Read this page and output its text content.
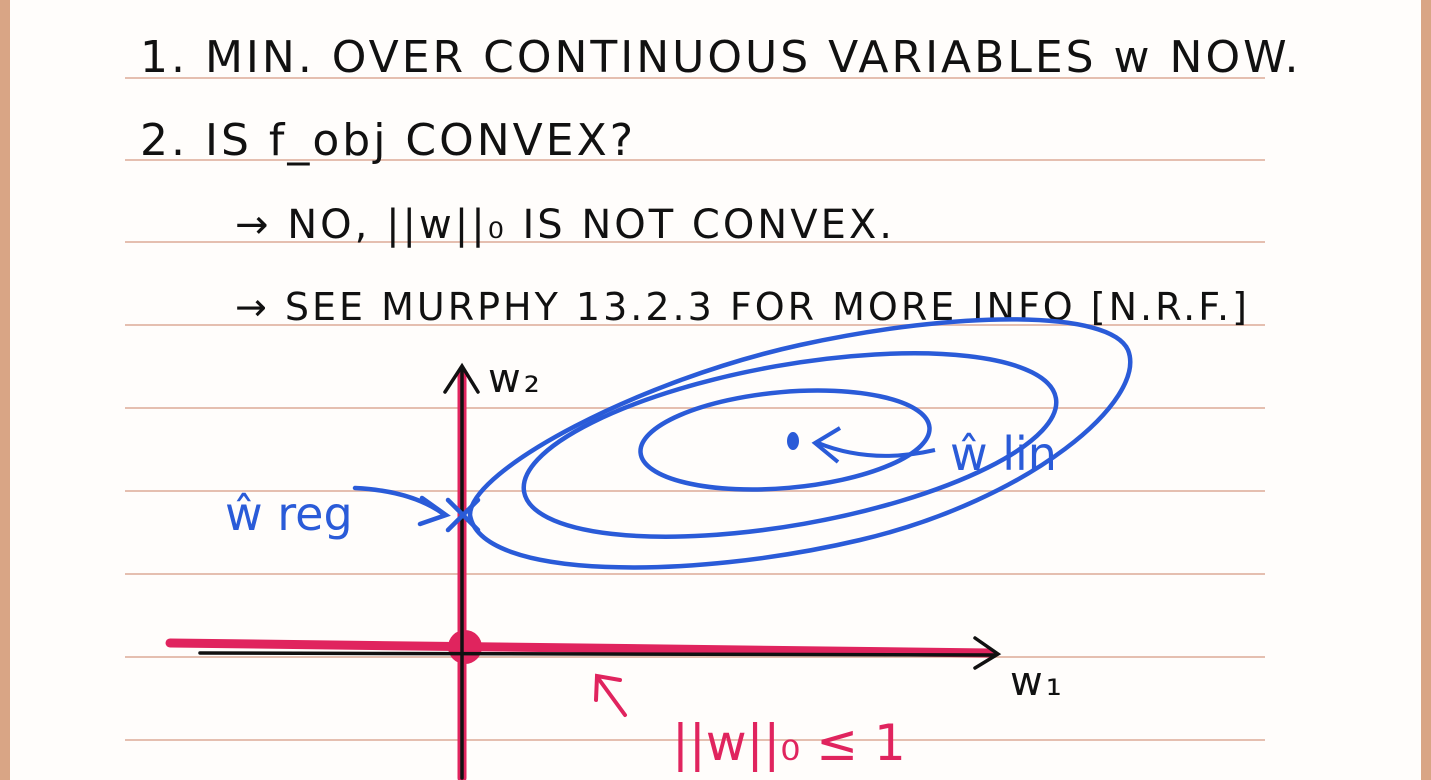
1. MIN. OVER CONTINUOUS VARIABLES w NOW.
2. IS f_obj CONVEX?
→ NO, ||w||₀ IS NOT CONVEX.
→ SEE MURPHY 13.2.3 FOR MORE INFO [N.R.F.]
ŵ lin
ŵ reg
w₂
w₁
||w||₀ ≤ 1
